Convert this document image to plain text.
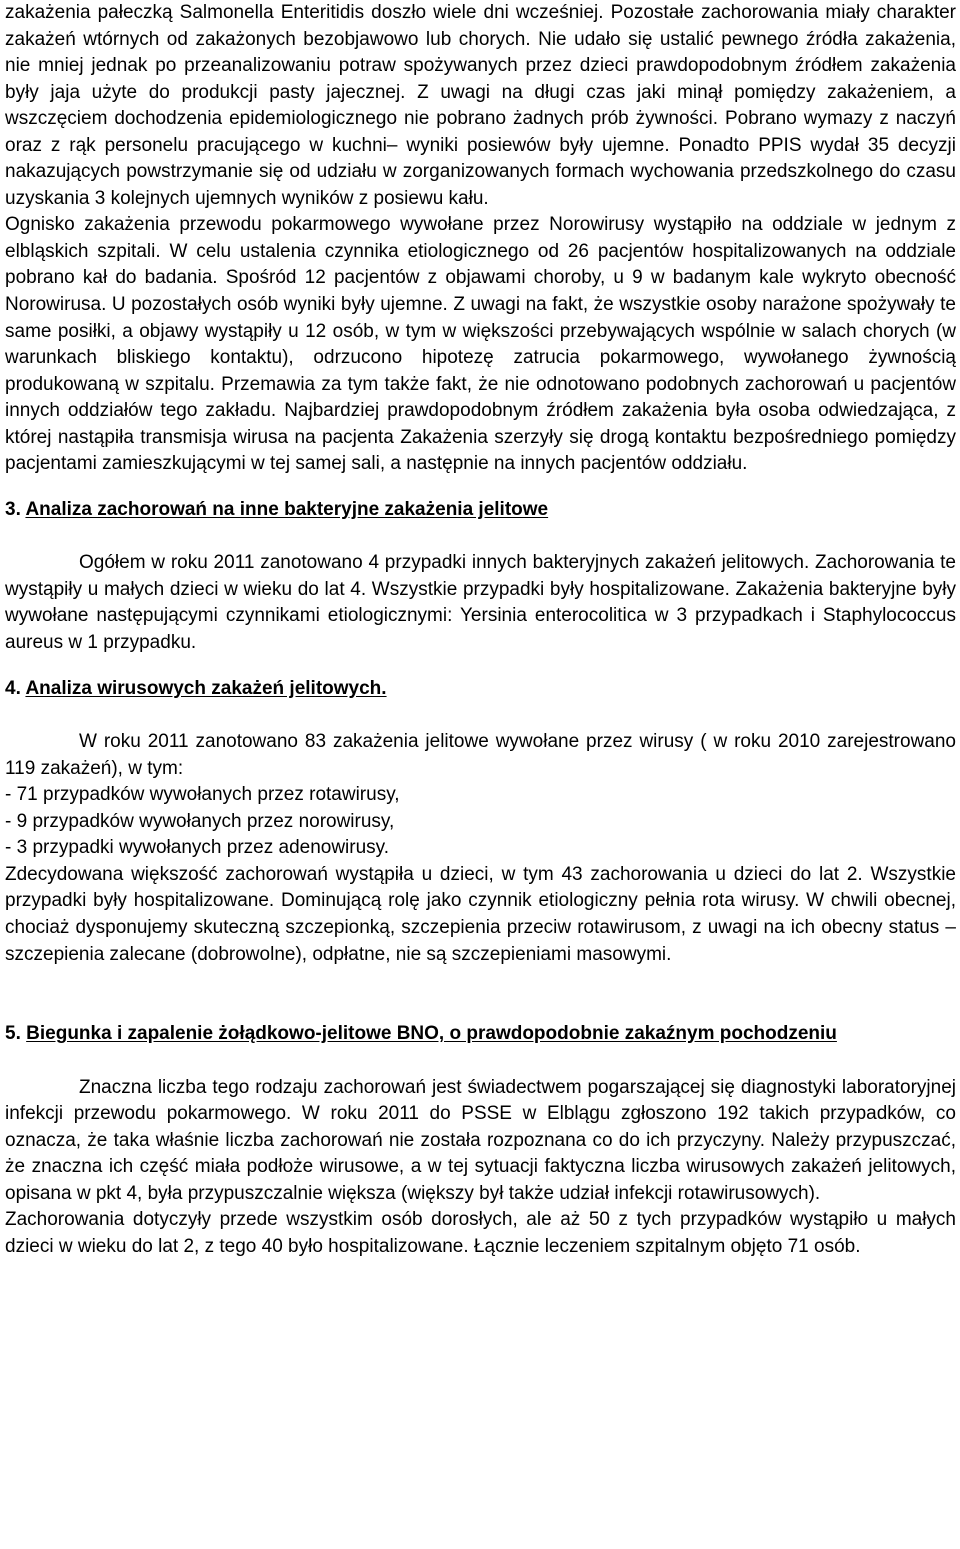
zakażenia pałeczką Salmonella Enteritidis doszło wiele dni wcześniej. Pozostałe zachorowania miały charakter zakażeń wtórnych od zakażonych bezobjawowo lub chorych. Nie udało się ustalić pewnego źródła zakażenia, nie mniej jednak po przeanalizowaniu potraw spożywanych przez dzieci prawdopodobnym źródłem zakażenia były jaja użyte do produkcji pasty jajecznej. Z uwagi na długi czas jaki minął pomiędzy zakażeniem, a wszczęciem dochodzenia epidemiologicznego nie pobrano żadnych prób żywności. Pobrano wymazy z naczyń oraz z rąk personelu pracującego w kuchni– wyniki posiewów były ujemne. Ponadto PPIS wydał 35 decyzji nakazujących powstrzymanie się od udziału w zorganizowanych formach wychowania przedszkolnego do czasu uzyskania 3 kolejnych ujemnych wyników z posiewu kału.

Ognisko zakażenia przewodu pokarmowego wywołane przez Norowirusy wystąpiło na oddziale w jednym z elbląskich szpitali. W celu ustalenia czynnika etiologicznego od 26 pacjentów hospitalizowanych na oddziale pobrano kał do badania. Spośród 12 pacjentów z objawami choroby, u 9 w badanym kale wykryto obecność Norowirusa. U pozostałych osób wyniki były ujemne. Z uwagi na fakt, że wszystkie osoby narażone spożywały te same posiłki, a objawy wystąpiły u 12 osób, w tym w większości przebywających wspólnie w salach chorych (w warunkach bliskiego kontaktu), odrzucono hipotezę zatrucia pokarmowego, wywołanego żywnością produkowaną w szpitalu. Przemawia za tym także fakt, że nie odnotowano podobnych zachorowań u pacjentów innych oddziałów tego zakładu. Najbardziej prawdopodobnym źródłem zakażenia była osoba odwiedzająca, z której nastąpiła transmisja wirusa na pacjenta Zakażenia szerzyły się drogą kontaktu bezpośredniego pomiędzy pacjentami zamieszkującymi w tej samej sali, a następnie na innych pacjentów oddziału.

3. Analiza zachorowań na inne bakteryjne zakażenia jelitowe

Ogółem w roku 2011 zanotowano 4 przypadki innych bakteryjnych zakażeń jelitowych. Zachorowania te wystąpiły u małych dzieci w wieku do lat 4. Wszystkie przypadki były hospitalizowane. Zakażenia bakteryjne były wywołane następującymi czynnikami etiologicznymi: Yersinia enterocolitica w 3 przypadkach i Staphylococcus aureus w 1 przypadku.

4. Analiza wirusowych zakażeń jelitowych.

W roku 2011 zanotowano 83 zakażenia jelitowe wywołane przez wirusy ( w roku 2010 zarejestrowano 119 zakażeń), w tym:

- 71 przypadków wywołanych przez rotawirusy,
- 9 przypadków wywołanych przez norowirusy,
- 3 przypadki wywołanych przez adenowirusy.

Zdecydowana większość zachorowań wystąpiła u dzieci, w tym 43 zachorowania u dzieci do lat 2. Wszystkie przypadki były hospitalizowane. Dominującą rolę jako czynnik etiologiczny pełnia rota wirusy. W chwili obecnej, chociaż dysponujemy skuteczną szczepionką, szczepienia przeciw rotawirusom, z uwagi na ich obecny status – szczepienia zalecane (dobrowolne), odpłatne, nie są szczepieniami masowymi.

5. Biegunka i zapalenie żołądkowo-jelitowe BNO, o prawdopodobnie zakaźnym pochodzeniu

Znaczna liczba tego rodzaju zachorowań jest świadectwem pogarszającej się diagnostyki laboratoryjnej infekcji przewodu pokarmowego. W roku 2011 do PSSE w Elblągu zgłoszono 192 takich przypadków, co oznacza, że taka właśnie liczba zachorowań nie została rozpoznana co do ich przyczyny. Należy przypuszczać, że znaczna ich część miała podłoże wirusowe, a w tej sytuacji faktyczna liczba wirusowych zakażeń jelitowych, opisana w pkt 4, była przypuszczalnie większa (większy był także udział infekcji rotawirusowych).

Zachorowania dotyczyły przede wszystkim osób dorosłych, ale aż 50 z tych przypadków wystąpiło u małych dzieci w wieku do lat 2, z tego 40 było hospitalizowane. Łącznie leczeniem szpitalnym objęto 71 osób.
